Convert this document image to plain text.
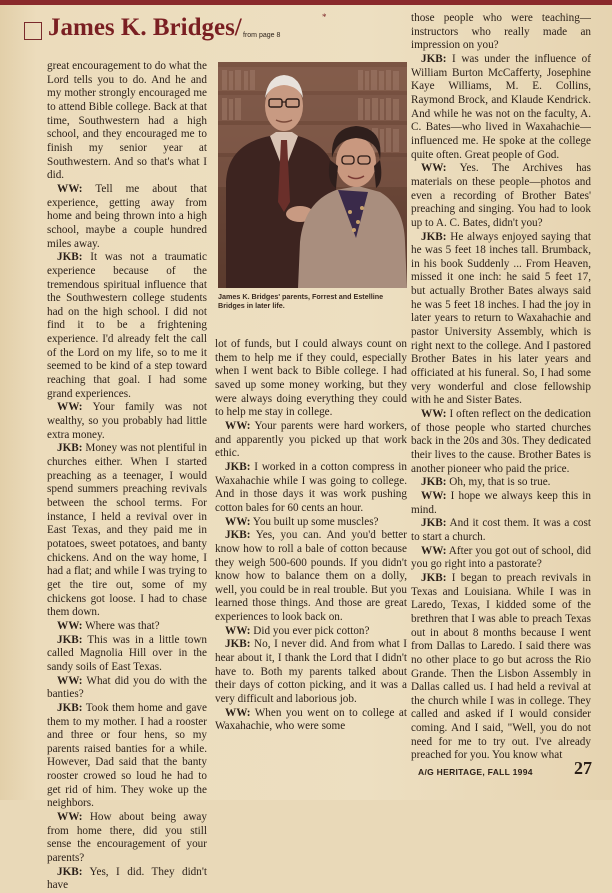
James K. Bridges/ from page 8
*

great encouragement to do what the Lord tells you to do. And he and my mother strongly encouraged me to attend Bible college. Back at that time, Southwestern had a high school, and they encouraged me to finish my senior year at Southwestern. And so that's what I did.

WW: Tell me about that experience, getting away from home and being thrown into a high school, maybe a couple hundred miles away.

JKB: It was not a traumatic experience because of the tremendous spiritual influence that the Southwestern college students had on the high school. I did not find it to be a frightening experience. I'd already felt the call of the Lord on my life, so to me it seemed to be kind of a step toward reaching that goal. I had some grand experiences.

WW: Your family was not wealthy, so you probably had little extra money.

JKB: Money was not plentiful in churches either. When I started preaching as a teenager, I would spend summers preaching revivals between the school terms. For instance, I held a revival over in East Texas, and they paid me in potatoes, sweet potatoes, and banty chickens. And on the way home, I had a flat; and while I was trying to get the tire out, some of my chickens got loose. I had to chase them down.

WW: Where was that?

JKB: This was in a little town called Magnolia Hill over in the sandy soils of East Texas.

WW: What did you do with the banties?

JKB: Took them home and gave them to my mother. I had a rooster and three or four hens, so my parents raised banties for a while. However, Dad said that the banty rooster crowed so loud he had to get rid of him. They woke up the neighbors.

WW: How about being away from home there, did you still sense the encouragement of your parents?

JKB: Yes, I did. They didn't have

James K. Bridges' parents, Forrest and Estelline Bridges in later life.

lot of funds, but I could always count on them to help me if they could, especially when I went back to Bible college. I had saved up some money working, but they were always doing everything they could to help me stay in college.

WW: Your parents were hard workers, and apparently you picked up that work ethic.

JKB: I worked in a cotton compress in Waxahachie while I was going to college. And in those days it was work pushing cotton bales for 60 cents an hour.

WW: You built up some muscles?

JKB: Yes, you can. And you'd better know how to roll a bale of cotton because they weigh 500-600 pounds. If you didn't know how to balance them on a dolly, well, you could be in real trouble. But you learned those things. And those are great experiences to look back on.

WW: Did you ever pick cotton?

JKB: No, I never did. And from what I hear about it, I thank the Lord that I didn't have to. Both my parents talked about their days of cotton picking, and it was a very difficult and laborious job.

WW: When you went on to college at Waxahachie, who were some

those people who were teaching—instructors who really made an impression on you?

JKB: I was under the influence of William Burton McCafferty, Josephine Kaye Williams, M. E. Collins, Raymond Brock, and Klaude Kendrick. And while he was not on the faculty, A. C. Bates—who lived in Waxahachie—influenced me. He spoke at the college quite often. Great people of God.

WW: Yes. The Archives has materials on these people—photos and even a recording of Brother Bates' preaching and singing. You had to look up to A. C. Bates, didn't you?

JKB: He always enjoyed saying that he was 5 feet 18 inches tall. Brumback, in his book Suddenly ... From Heaven, missed it one inch: he said 5 feet 17, but actually Brother Bates always said he was 5 feet 18 inches. I had the joy in later years to return to Waxahachie and pastor University Assembly, which is right next to the college. And I pastored Brother Bates in his later years and officiated at his funeral. So, I had some very wonderful and close fellowship with he and Sister Bates.

WW: I often reflect on the dedication of those people who started churches back in the 20s and 30s. They dedicated their lives to the cause. Brother Bates is another pioneer who paid the price.

JKB: Oh, my, that is so true.

WW: I hope we always keep this in mind.

JKB: And it cost them. It was a cost to start a church.

WW: After you got out of school, did you go right into a pastorate?

JKB: I began to preach revivals in Texas and Louisiana. While I was in Laredo, Texas, I kidded some of the brethren that I was able to preach Texas out in about 8 months because I went from Dallas to Laredo. I said there was no other place to go but across the Rio Grande. Then the Lisbon Assembly in Dallas called us. I had held a revival at the church while I was in college. They called and asked if I would consider coming. And I said, "Well, you do not need for me to try out. I've already preached for you. You know what

A/G HERITAGE, FALL 1994 27
